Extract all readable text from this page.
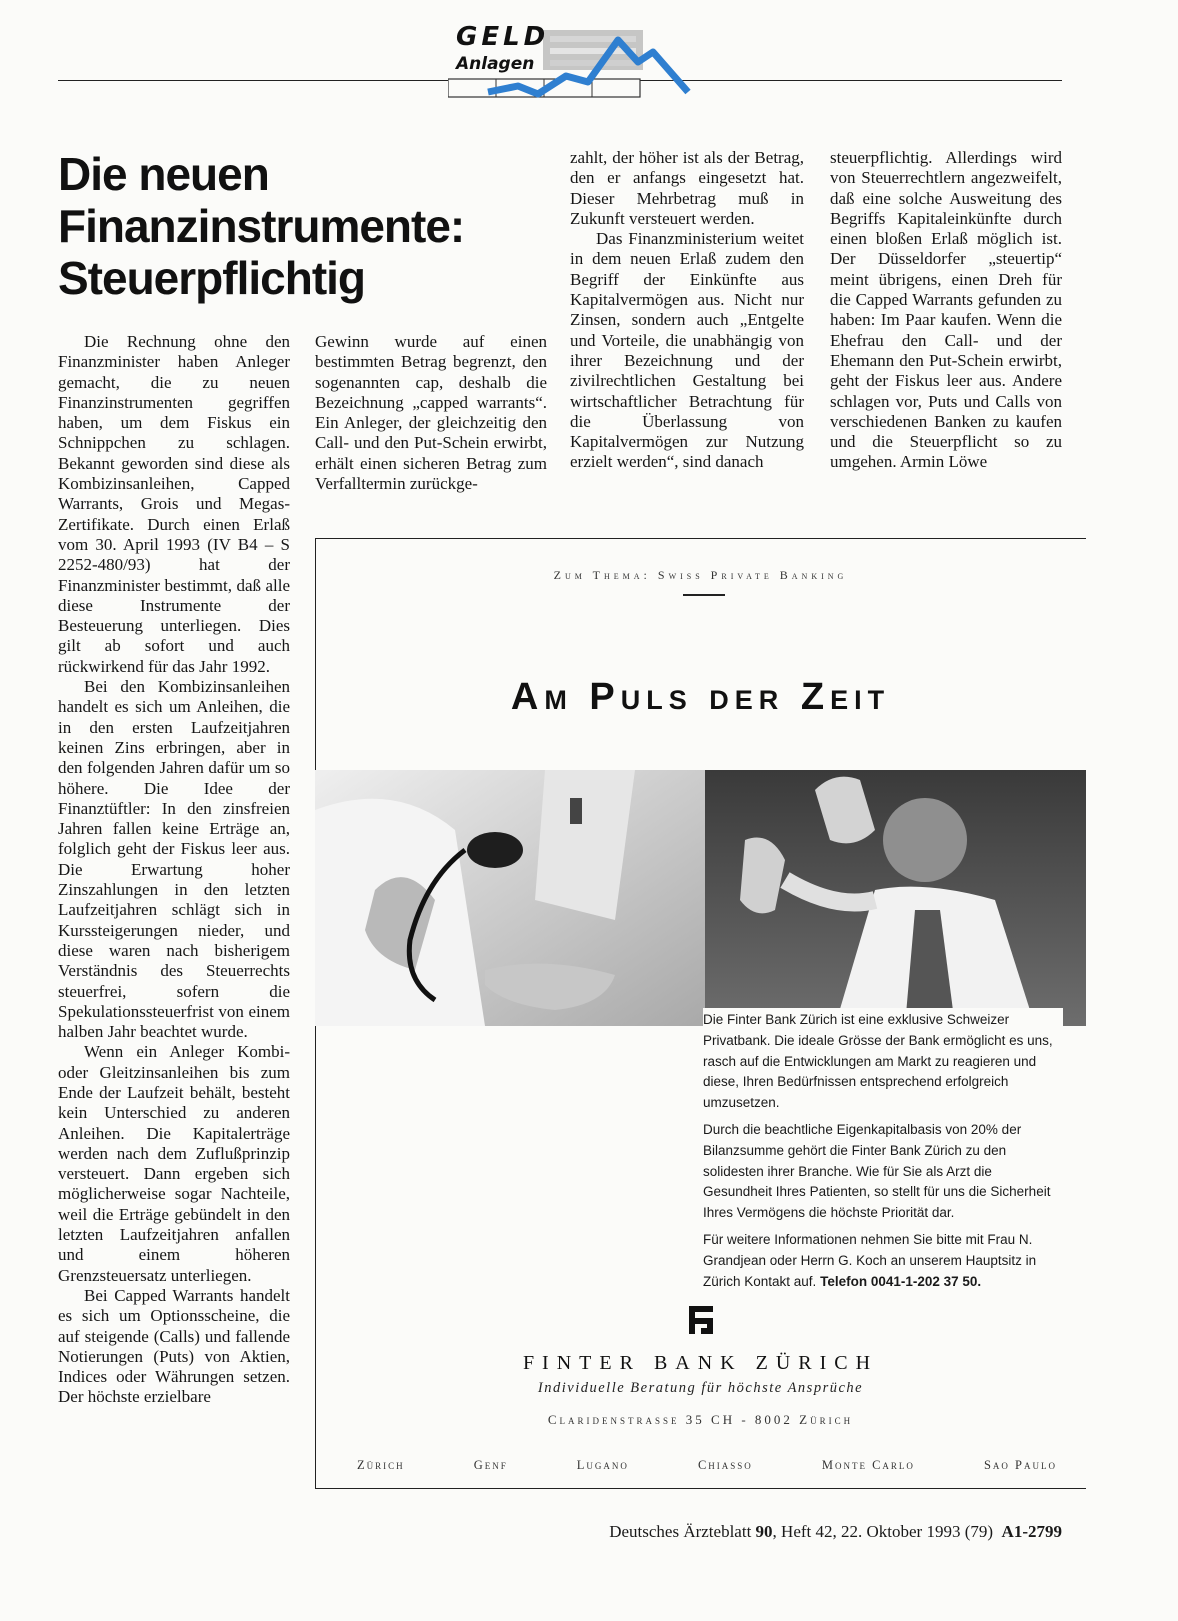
GELD
Anlagen
Die neuen Finanzinstrumente: Steuerpflichtig

Die Rechnung ohne den Finanzminister haben Anleger gemacht, die zu neuen Finanzinstrumenten gegriffen haben, um dem Fiskus ein Schnippchen zu schlagen. Bekannt geworden sind diese als Kombizinsanleihen, Capped Warrants, Grois und Megas-Zertifikate. Durch einen Erlaß vom 30. April 1993 (IV B4 – S 2252-480/93) hat der Finanzminister bestimmt, daß alle diese Instrumente der Besteuerung unterliegen. Dies gilt ab sofort und auch rückwirkend für das Jahr 1992.

Bei den Kombizinsanleihen handelt es sich um Anleihen, die in den ersten Laufzeitjahren keinen Zins erbringen, aber in den folgenden Jahren dafür um so höhere. Die Idee der Finanztüftler: In den zinsfreien Jahren fallen keine Erträge an, folglich geht der Fiskus leer aus. Die Erwartung hoher Zinszahlungen in den letzten Laufzeitjahren schlägt sich in Kurssteigerungen nieder, und diese waren nach bisherigem Verständnis des Steuerrechts steuerfrei, sofern die Spekulationssteuerfrist von einem halben Jahr beachtet wurde.

Wenn ein Anleger Kombi- oder Gleitzinsanleihen bis zum Ende der Laufzeit behält, besteht kein Unterschied zu anderen Anleihen. Die Kapitalerträge werden nach dem Zuflußprinzip versteuert. Dann ergeben sich möglicherweise sogar Nachteile, weil die Erträge gebündelt in den letzten Laufzeitjahren anfallen und einem höheren Grenzsteuersatz unterliegen.

Bei Capped Warrants handelt es sich um Optionsscheine, die auf steigende (Calls) und fallende Notierungen (Puts) von Aktien, Indices oder Währungen setzen. Der höchste erzielbare

Gewinn wurde auf einen bestimmten Betrag begrenzt, den sogenannten cap, deshalb die Bezeichnung „capped warrants“. Ein Anleger, der gleichzeitig den Call- und den Put-Schein erwirbt, erhält einen sicheren Betrag zum Verfalltermin zurückge-

zahlt, der höher ist als der Betrag, den er anfangs eingesetzt hat. Dieser Mehrbetrag muß in Zukunft versteuert werden.

Das Finanzministerium weitet in dem neuen Erlaß zudem den Begriff der Einkünfte aus Kapitalvermögen aus. Nicht nur Zinsen, sondern auch „Entgelte und Vorteile, die unabhängig von ihrer Bezeichnung und der zivilrechtlichen Gestaltung bei wirtschaftlicher Betrachtung für die Überlassung von Kapitalvermögen zur Nutzung erzielt werden“, sind danach

steuerpflichtig. Allerdings wird von Steuerrechtlern angezweifelt, daß eine solche Ausweitung des Begriffs Kapitaleinkünfte durch einen bloßen Erlaß möglich ist. Der Düsseldorfer „steuertip“ meint übrigens, einen Dreh für die Capped Warrants gefunden zu haben: Im Paar kaufen. Wenn die Ehefrau den Call- und der Ehemann den Put-Schein erwirbt, geht der Fiskus leer aus. Andere schlagen vor, Puts und Calls von verschiedenen Banken zu kaufen und die Steuerpflicht so zu umgehen. Armin Löwe

Zum Thema: Swiss Private Banking
Am Puls der Zeit

Die Finter Bank Zürich ist eine exklusive Schweizer Privatbank. Die ideale Grösse der Bank ermöglicht es uns, rasch auf die Entwicklungen am Markt zu reagieren und diese, Ihren Bedürfnissen entsprechend erfolgreich umzusetzen.

Durch die beachtliche Eigenkapitalbasis von 20% der Bilanzsumme gehört die Finter Bank Zürich zu den solidesten ihrer Branche. Wie für Sie als Arzt die Gesundheit Ihres Patienten, so stellt für uns die Sicherheit Ihres Vermögens die höchste Priorität dar.

Für weitere Informationen nehmen Sie bitte mit Frau N. Grandjean oder Herrn G. Koch an unserem Hauptsitz in Zürich Kontakt auf. Telefon 0041-1-202 37 50.

FINTER BANK ZÜRICH
Individuelle Beratung für höchste Ansprüche
Claridenstrasse 35 CH - 8002 Zürich
Zürich	Genf	Lugano	Chiasso	Monte Carlo	Sao Paulo
Deutsches Ärzteblatt 90, Heft 42, 22. Oktober 1993 (79) A1-2799
